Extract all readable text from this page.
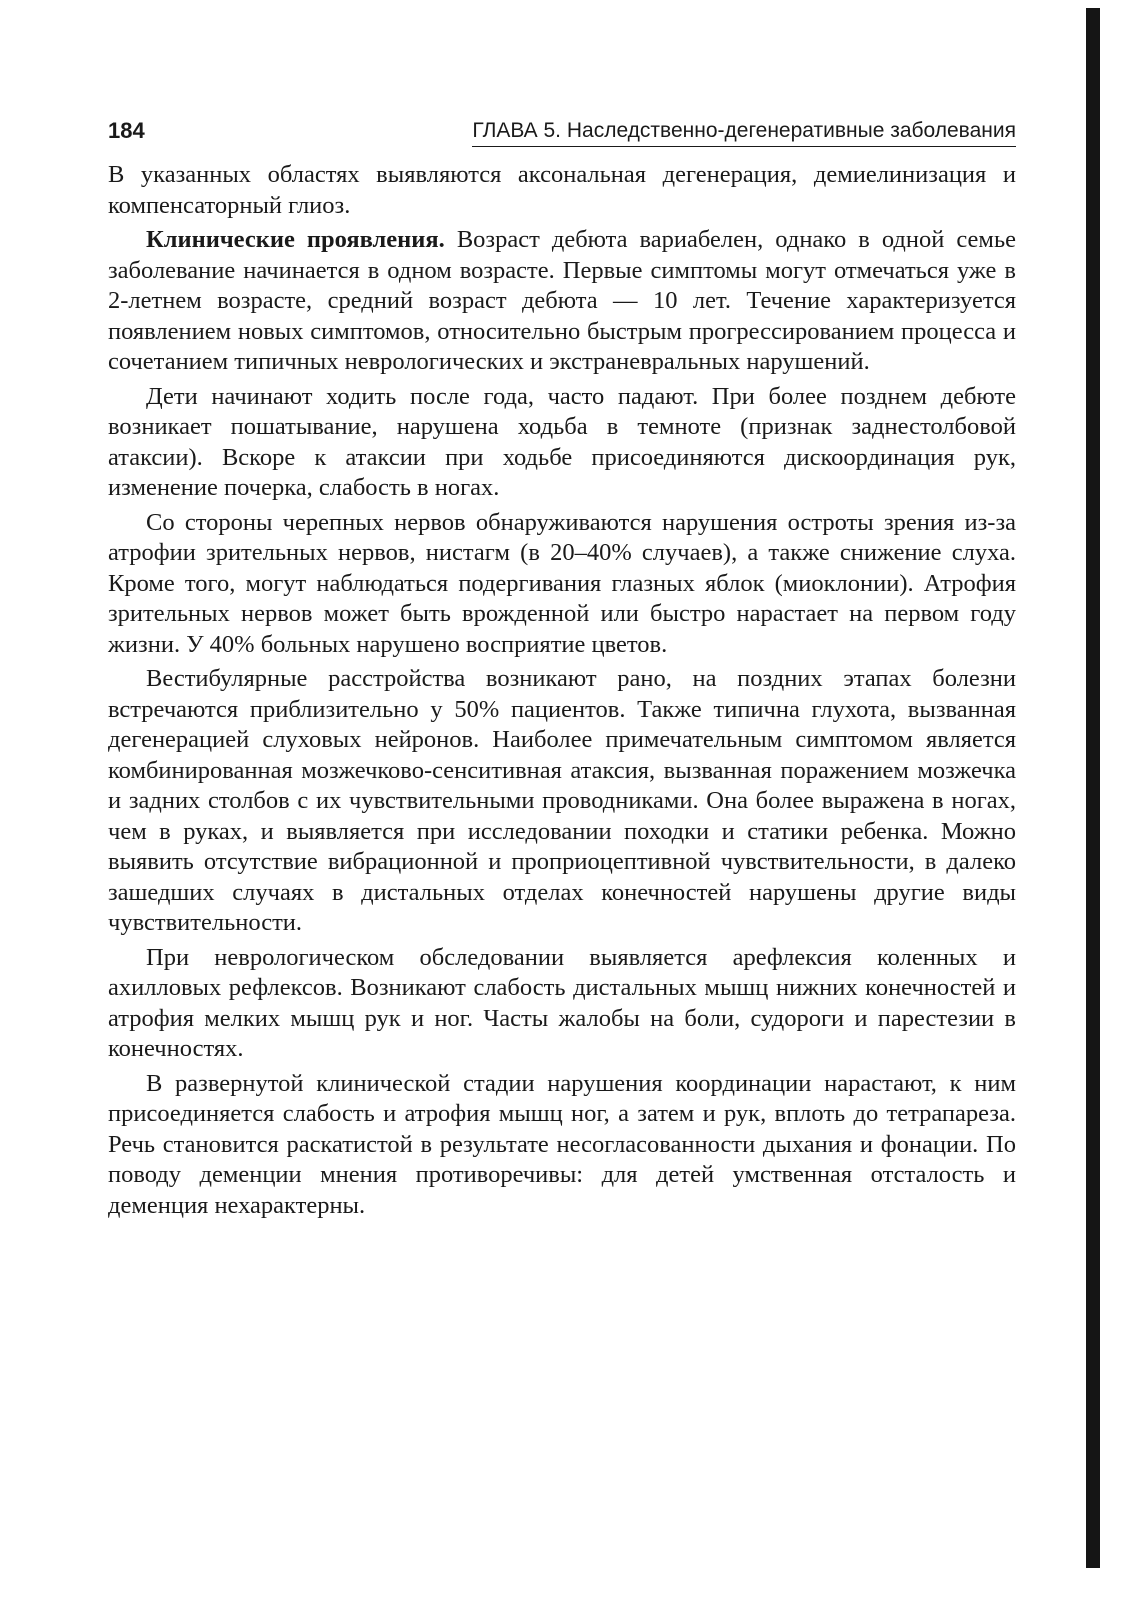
184	ГЛАВА 5. Наследственно-дегенеративные заболевания

В указанных областях выявляются аксональная дегенерация, демиелинизация и компенсаторный глиоз.

Клинические проявления. Возраст дебюта вариабелен, однако в одной семье заболевание начинается в одном возрасте. Первые симптомы могут отмечаться уже в 2-летнем возрасте, средний возраст дебюта — 10 лет. Течение характеризуется появлением новых симптомов, относительно быстрым прогрессированием процесса и сочетанием типичных неврологических и экстраневральных нарушений.

Дети начинают ходить после года, часто падают. При более позднем дебюте возникает пошатывание, нарушена ходьба в темноте (признак заднестолбовой атаксии). Вскоре к атаксии при ходьбе присоединяются дискоординация рук, изменение почерка, слабость в ногах.

Со стороны черепных нервов обнаруживаются нарушения остроты зрения из-за атрофии зрительных нервов, нистагм (в 20–40% случаев), а также снижение слуха. Кроме того, могут наблюдаться подергивания глазных яблок (миоклонии). Атрофия зрительных нервов может быть врожденной или быстро нарастает на первом году жизни. У 40% больных нарушено восприятие цветов.

Вестибулярные расстройства возникают рано, на поздних этапах болезни встречаются приблизительно у 50% пациентов. Также типична глухота, вызванная дегенерацией слуховых нейронов. Наиболее примечательным симптомом является комбинированная мозжечково-сенситивная атаксия, вызванная поражением мозжечка и задних столбов с их чувствительными проводниками. Она более выражена в ногах, чем в руках, и выявляется при исследовании походки и статики ребенка. Можно выявить отсутствие вибрационной и проприоцептивной чувствительности, в далеко зашедших случаях в дистальных отделах конечностей нарушены другие виды чувствительности.

При неврологическом обследовании выявляется арефлексия коленных и ахилловых рефлексов. Возникают слабость дистальных мышц нижних конечностей и атрофия мелких мышц рук и ног. Часты жалобы на боли, судороги и парестезии в конечностях.

В развернутой клинической стадии нарушения координации нарастают, к ним присоединяется слабость и атрофия мышц ног, а затем и рук, вплоть до тетрапареза. Речь становится раскатистой в результате несогласованности дыхания и фонации. По поводу деменции мнения противоречивы: для детей умственная отсталость и деменция нехарактерны.
